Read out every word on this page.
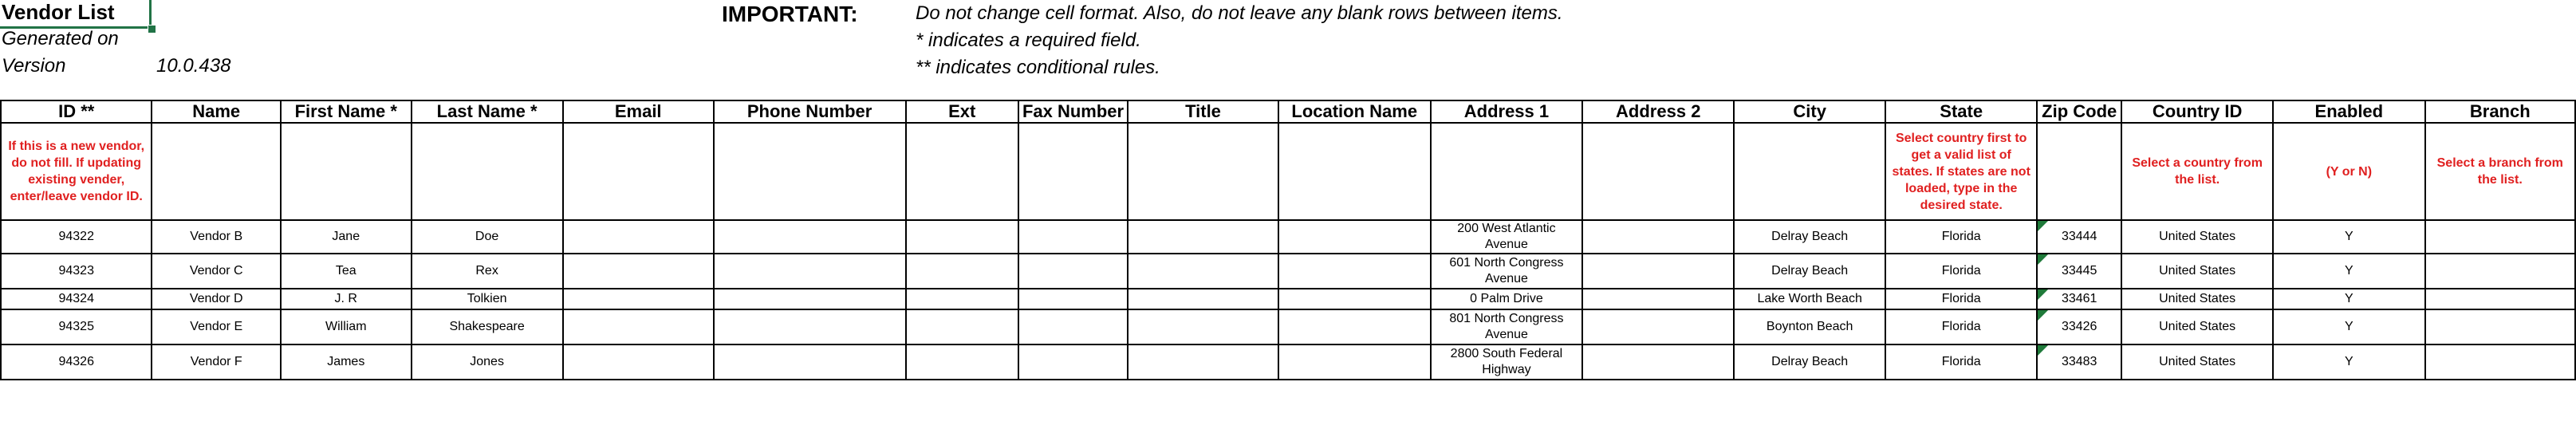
Vendor List
Generated on
Version	10.0.438
IMPORTANT:	Do not change cell format. Also, do not leave any blank rows between items.
* indicates a required field.
** indicates conditional rules.
ID **	Name	First Name *	Last Name *	Email	Phone Number	Ext	Fax Number	Title	Location Name	Address 1	Address 2	City	State	Zip Code	Country ID	Enabled	Branch
If this is a new vendor, do not fill. If updating existing vender, enter/leave vendor ID.													Select country first to get a valid list of states. If states are not loaded, type in the desired state.		Select a country from the list.	(Y or N)	Select a branch from the list.
94322	Vendor B	Jane	Doe							200 West Atlantic Avenue		Delray Beach	Florida	33444	United States	Y	
94323	Vendor C	Tea	Rex							601 North Congress Avenue		Delray Beach	Florida	33445	United States	Y	
94324	Vendor D	J. R	Tolkien							0 Palm Drive		Lake Worth Beach	Florida	33461	United States	Y	
94325	Vendor E	William	Shakespeare							801 North Congress Avenue		Boynton Beach	Florida	33426	United States	Y	
94326	Vendor F	James	Jones							2800 South Federal Highway		Delray Beach	Florida	33483	United States	Y	
